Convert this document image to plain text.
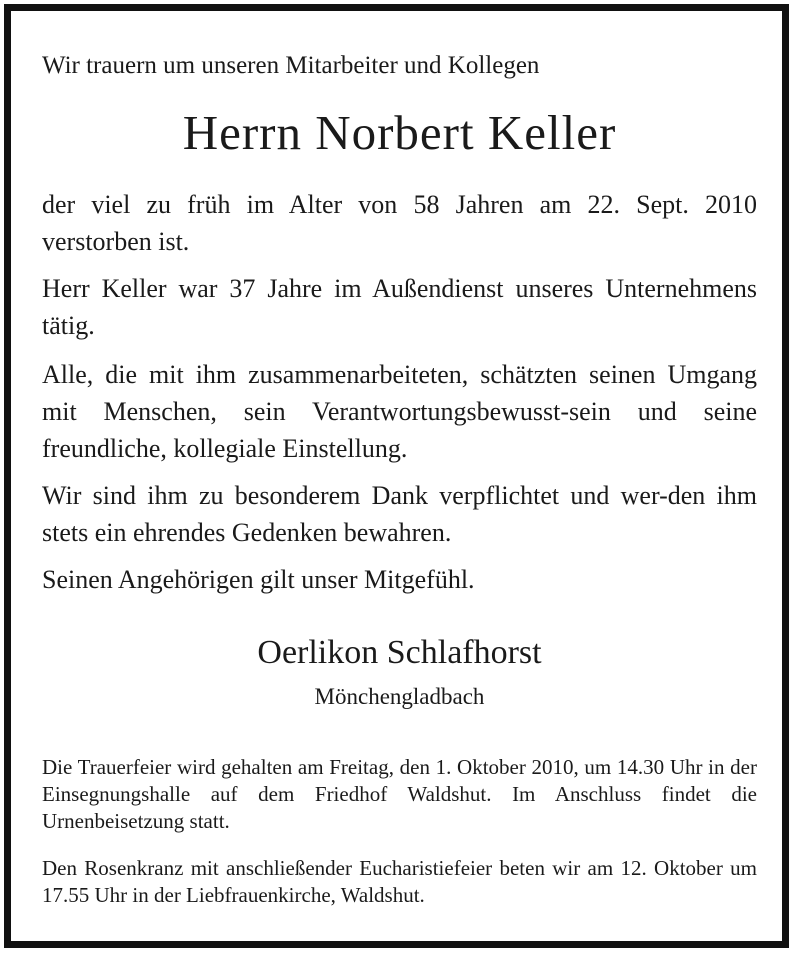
Wir trauern um unseren Mitarbeiter und Kollegen

Herrn Norbert Keller

der viel zu früh im Alter von 58 Jahren am 22. Sept. 2010 verstorben ist.

Herr Keller war 37 Jahre im Außendienst unseres Unternehmens tätig.

Alle, die mit ihm zusammenarbeiteten, schätzten seinen Umgang mit Menschen, sein Verantwortungsbewusst-sein und seine freundliche, kollegiale Einstellung.

Wir sind ihm zu besonderem Dank verpflichtet und wer-den ihm stets ein ehrendes Gedenken bewahren.

Seinen Angehörigen gilt unser Mitgefühl.

Oerlikon Schlafhorst

Mönchengladbach

Die Trauerfeier wird gehalten am Freitag, den 1. Oktober 2010, um 14.30 Uhr in der Einsegnungshalle auf dem Friedhof Waldshut. Im Anschluss findet die Urnenbeisetzung statt.

Den Rosenkranz mit anschließender Eucharistiefeier beten wir am 12. Oktober um 17.55 Uhr in der Liebfrauenkirche, Waldshut.
